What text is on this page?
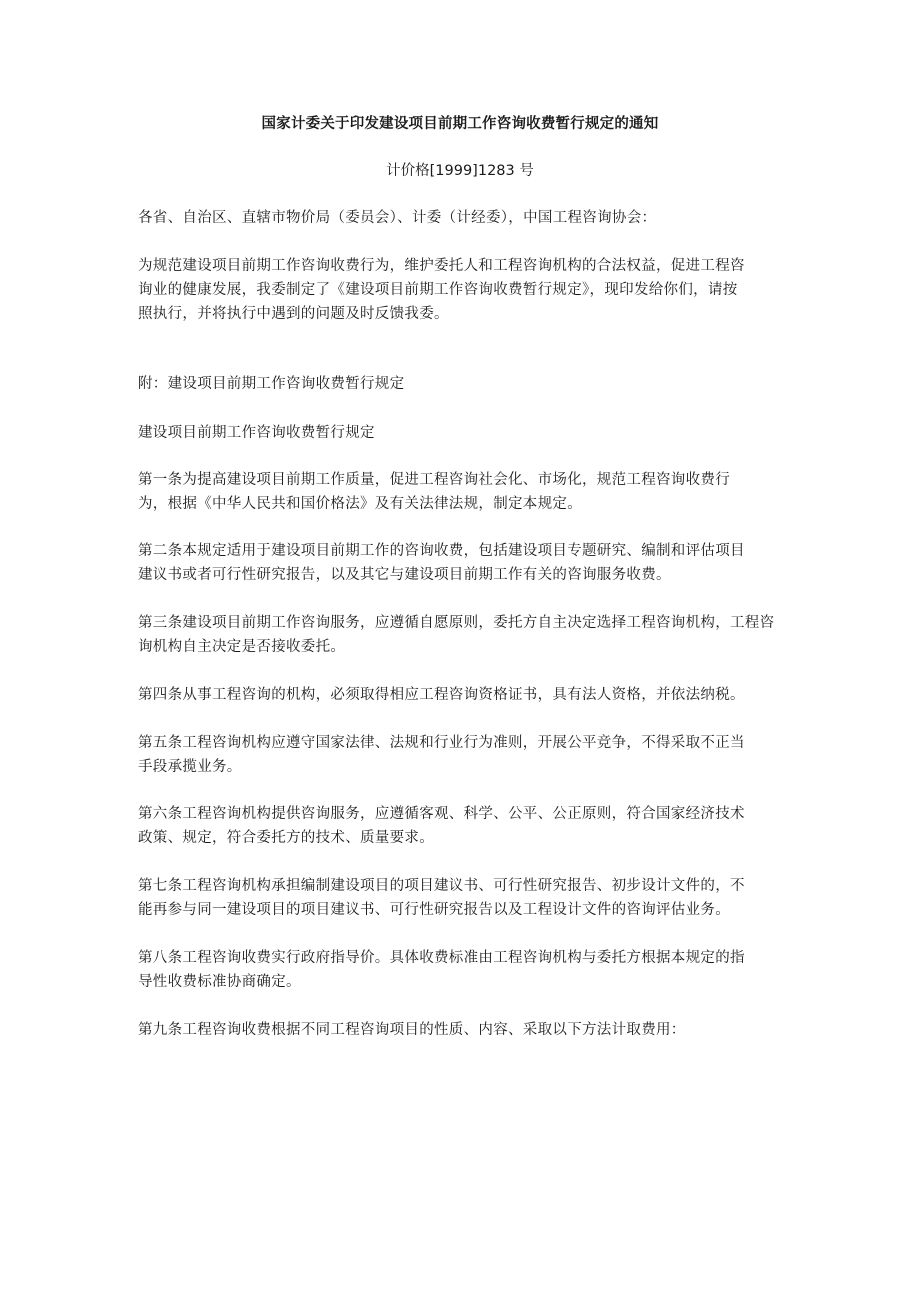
国家计委关于印发建设项目前期工作咨询收费暂行规定的通知
计价格[1999]1283 号

各省、自治区、直辖市物价局（委员会）、计委（计经委），中国工程咨询协会：

为规范建设项目前期工作咨询收费行为，维护委托人和工程咨询机构的合法权益，促进工程咨
询业的健康发展，我委制定了《建设项目前期工作咨询收费暂行规定》，现印发给你们，请按
照执行，并将执行中遇到的问题及时反馈我委。

附：建设项目前期工作咨询收费暂行规定

建设项目前期工作咨询收费暂行规定

第一条为提高建设项目前期工作质量，促进工程咨询社会化、市场化，规范工程咨询收费行
为，根据《中华人民共和国价格法》及有关法律法规，制定本规定。

第二条本规定适用于建设项目前期工作的咨询收费，包括建设项目专题研究、编制和评估项目
建议书或者可行性研究报告，以及其它与建设项目前期工作有关的咨询服务收费。

第三条建设项目前期工作咨询服务，应遵循自愿原则，委托方自主决定选择工程咨询机构，工程咨
询机构自主决定是否接收委托。

第四条从事工程咨询的机构，必须取得相应工程咨询资格证书，具有法人资格，并依法纳税。

第五条工程咨询机构应遵守国家法律、法规和行业行为准则，开展公平竞争，不得采取不正当
手段承揽业务。

第六条工程咨询机构提供咨询服务，应遵循客观、科学、公平、公正原则，符合国家经济技术
政策、规定，符合委托方的技术、质量要求。

第七条工程咨询机构承担编制建设项目的项目建议书、可行性研究报告、初步设计文件的，不
能再参与同一建设项目的项目建议书、可行性研究报告以及工程设计文件的咨询评估业务。

第八条工程咨询收费实行政府指导价。具体收费标准由工程咨询机构与委托方根据本规定的指
导性收费标准协商确定。

第九条工程咨询收费根据不同工程咨询项目的性质、内容、采取以下方法计取费用：
